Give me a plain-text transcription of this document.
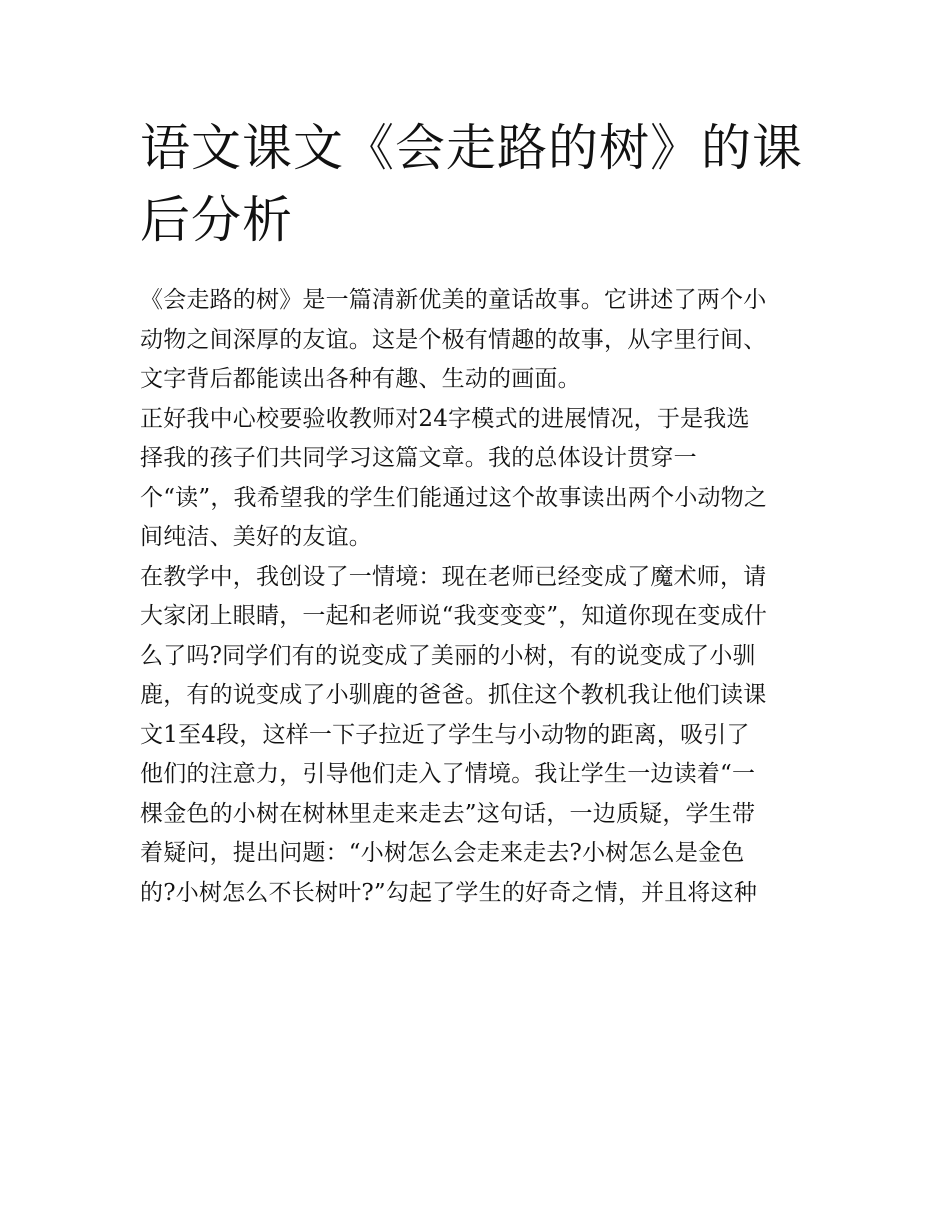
语文课文《会走路的树》的课
后分析

《会走路的树》是一篇清新优美的童话故事。它讲述了两个小
动物之间深厚的友谊。这是个极有情趣的故事，从字里行间、
文字背后都能读出各种有趣、生动的画面。

正好我中心校要验收教师对24字模式的进展情况，于是我选
择我的孩子们共同学习这篇文章。我的总体设计贯穿一
个“读”，我希望我的学生们能通过这个故事读出两个小动物之
间纯洁、美好的友谊。

在教学中，我创设了一情境：现在老师已经变成了魔术师，请
大家闭上眼睛，一起和老师说“我变变变”，知道你现在变成什
么了吗?同学们有的说变成了美丽的小树，有的说变成了小驯
鹿，有的说变成了小驯鹿的爸爸。抓住这个教机我让他们读课
文1至4段，这样一下子拉近了学生与小动物的距离，吸引了
他们的注意力，引导他们走入了情境。我让学生一边读着“一
棵金色的小树在树林里走来走去”这句话，一边质疑，学生带
着疑问，提出问题：“小树怎么会走来走去?小树怎么是金色
的?小树怎么不长树叶?”勾起了学生的好奇之情，并且将这种
